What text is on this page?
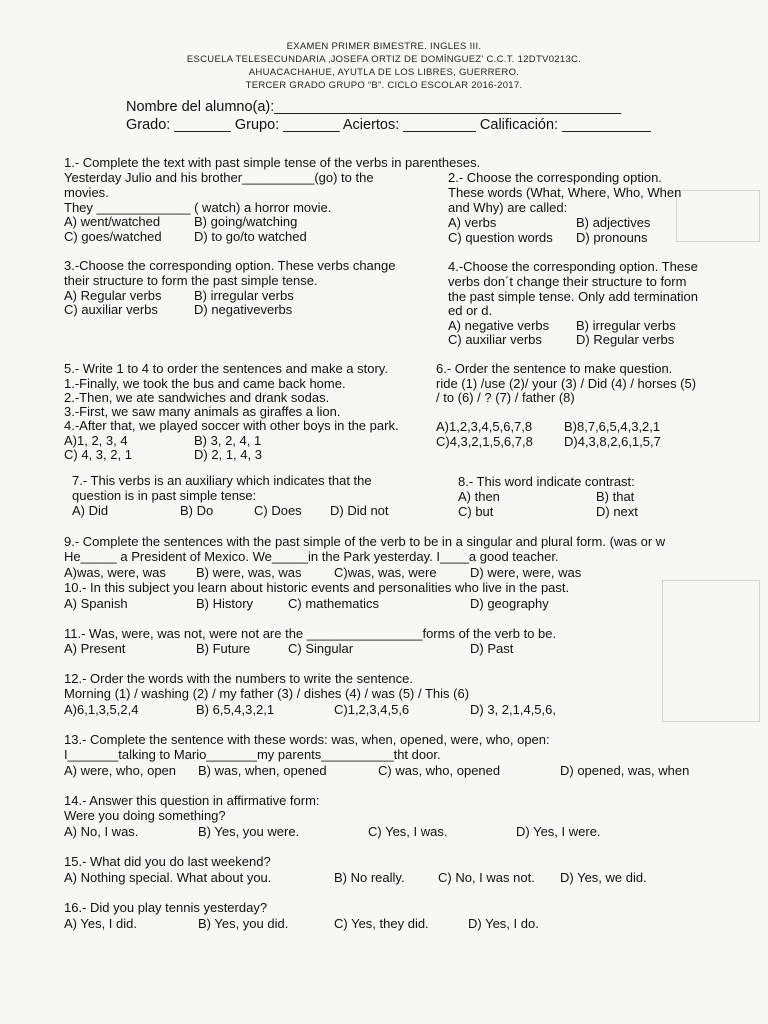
EXAMEN PRIMER BIMESTRE. INGLES III.
ESCUELA TELESECUNDARIA ‚JOSEFA ORTIZ DE DOMÍNGUEZ’ C.C.T. 12DTV0213C.
AHUACACHAHUE, AYUTLA DE LOS LIBRES, GUERRERO.
TERCER GRADO GRUPO “B”. CICLO ESCOLAR 2016-2017.
Nombre del alumno(a):___________________________________________
Grado: _______ Grupo: _______ Aciertos: _________ Calificación: ___________
1.- Complete the text with past simple tense of the verbs in parentheses.
Yesterday Julio and his brother__________(go) to the
movies.
They _____________ ( watch) a horror movie.
A) went/watched	B) going/watching
C) goes/watched D) to go/to watched
2.- Choose the corresponding option.
These words (What, Where, Who, When
and Why) are called:
A) verbs	B) adjectives
C) question words D) pronouns
3.-Choose the corresponding option. These verbs change
their structure to form the past simple tense.
A) Regular verbs B) irregular verbs
C) auxiliar verbs	D) negativeverbs
4.-Choose the corresponding option. These
verbs don´t change their structure to form
the past simple tense. Only add termination
ed or d.
A) negative verbs B) irregular verbs
C) auxiliar verbs	D) Regular verbs
5.- Write 1 to 4 to order the sentences and make a story.
1.-Finally, we took the bus and came back home.
2.-Then, we ate sandwiches and drank sodas.
3.-First, we saw many animals as giraffes a lion.
4.-After that, we played soccer with other boys in the park.
A)1, 2, 3, 4	B) 3, 2, 4, 1
C) 4, 3, 2, 1	D) 2, 1, 4, 3
6.- Order the sentence to make question.
ride (1) /use (2)/ your (3) / Did (4) / horses (5)
/ to (6) / ? (7) / father (8)
A)1,2,3,4,5,6,7,8 B)8,7,6,5,4,3,2,1
C)4,3,2,1,5,6,7,8 D)4,3,8,2,6,1,5,7
7.- This verbs is an auxiliary which indicates that the
question is in past simple tense:
A) Did	B) Do	C) Does D) Did not
8.- This word indicate contrast:
A) then	B) that
C) but	D) next
9.- Complete the sentences with the past simple of the verb to be in a singular and plural form. (was or w
He_____ a President of Mexico. We_____in the Park yesterday. I____a good teacher.
A)was, were, was B) were, was, was	C)was, was, were	D) were, were, was
10.- In this subject you learn about historic events and personalities who live in the past.
A) Spanish	B) History	C) mathematics	D) geography
11.- Was, were, was not, were not are the ________________forms of the verb to be.
A) Present	B) Future	C) Singular	D) Past
12.- Order the words with the numbers to write the sentence.
Morning (1) / washing (2) / my father (3) / dishes (4) / was (5) / This (6)
A)6,1,3,5,2,4	B) 6,5,4,3,2,1	C)1,2,3,4,5,6	D) 3, 2,1,4,5,6,
13.- Complete the sentence with these words: was, when, opened, were, who, open:
I_______talking to Mario_______my parents__________tht door.
A) were, who, open B) was, when, opened	C) was, who, opened	D) opened, was, when
14.- Answer this question in affirmative form:
Were you doing something?
A) No, I was.	B) Yes, you were.	C) Yes, I was.	D) Yes, I were.
15.- What did you do last weekend?
A) Nothing special. What about you.	B) No really.	C) No, I was not. D) Yes, we did.
16.- Did you play tennis yesterday?
A) Yes, I did.	B) Yes, you did.	C) Yes, they did.	D) Yes, I do.
